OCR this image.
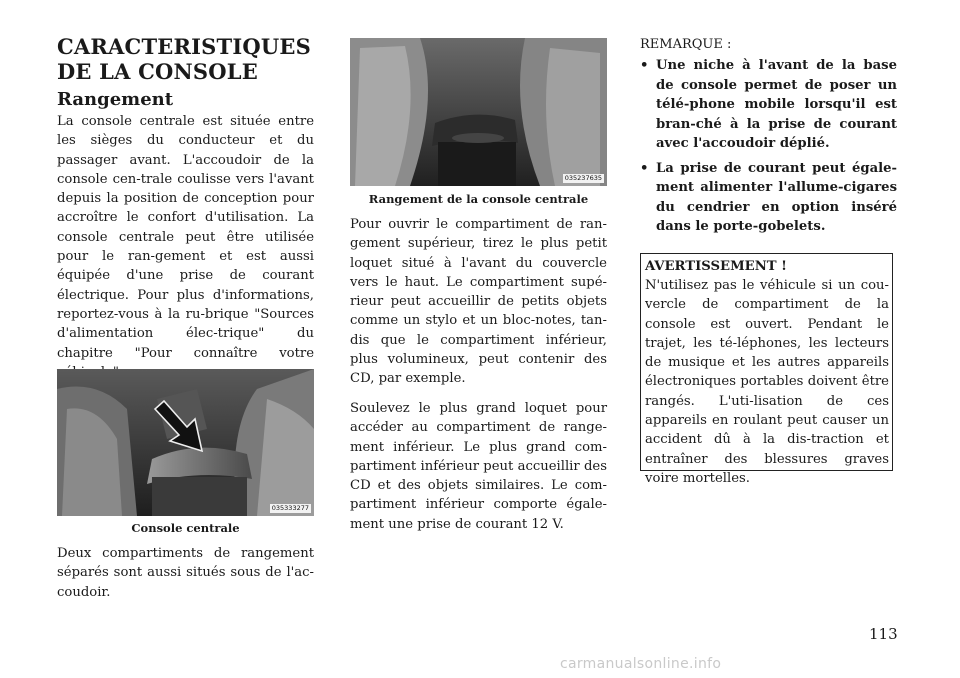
CARACTERISTIQUES DE LA CONSOLE
Rangement

La console centrale est située entre les sièges du conducteur et du passager avant. L'accoudoir de la console cen-trale coulisse vers l'avant depuis la position de conception pour accroître le confort d'utilisation. La console centrale peut être utilisée pour le ran-gement et est aussi équipée d'une prise de courant électrique. Pour plus d'informations, reportez-vous à la ru-brique "Sources d'alimentation élec-trique" du chapitre "Pour connaître votre

035333277
Console centrale

Deux compartiments de rangement séparés sont aussi situés sous de l'ac-coudoir.

035237635
Rangement de la console centrale

Pour ouvrir le compartiment de ran-gement supérieur, tirez le plus petit loquet situé à l'avant du couvercle vers le haut. Le compartiment supé-rieur peut accueillir de petits objets comme un stylo et un bloc-notes, tan-dis que le compartiment inférieur, plus volumineux, peut contenir des CD, par exemple.

Soulevez le plus grand loquet pour accéder au compartiment de range-ment inférieur. Le plus grand com-partiment inférieur peut accueillir des CD et des objets similaires. Le com-partiment inférieur comporte égale-ment une prise de courant 12 V.

REMARQUE :
• Une niche à l'avant de la base de console permet de poser un télé-phone mobile lorsqu'il est bran-ché à la prise de courant avec l'accoudoir déplié.
• La prise de courant peut égale-ment alimenter l'allume-cigares du cendrier en option inséré dans le porte-gobelets.
AVERTISSEMENT !

N'utilisez pas le véhicule si un cou-vercle de compartiment de la console est ouvert. Pendant le trajet, les té-léphones, les lecteurs de musique et les autres appareils électroniques portables doivent être rangés. L'uti-lisation de ces appareils en roulant peut causer un accident dû à la dis-traction et entraîner des blessures graves voire mortelles.

113
carmanualsonline.info
